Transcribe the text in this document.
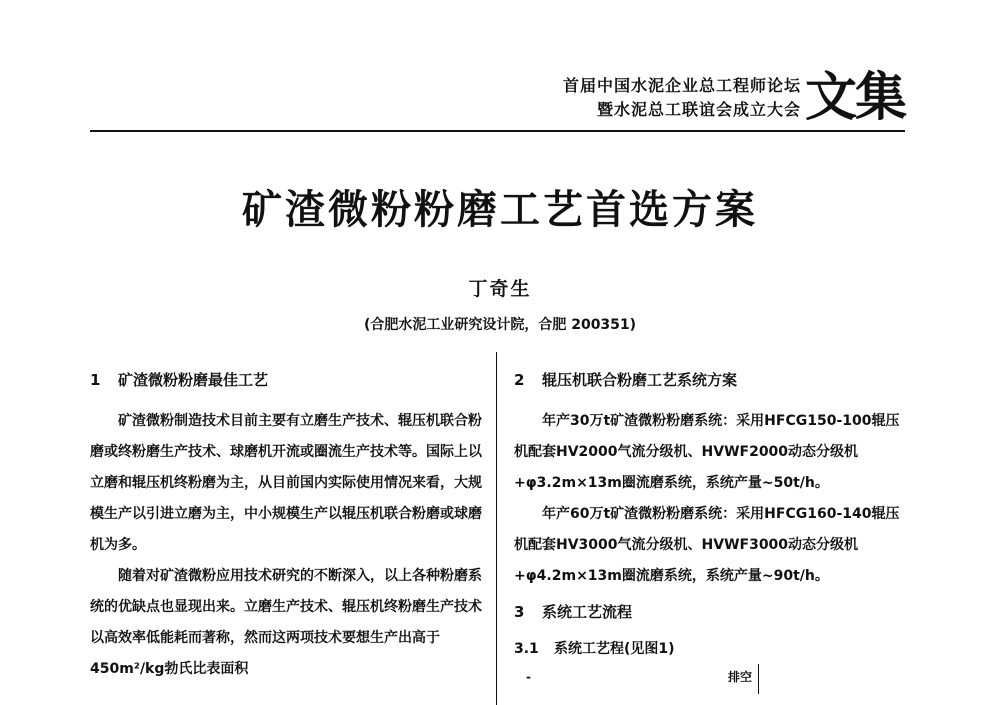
首届中国水泥企业总工程师论坛
暨水泥总工联谊会成立大会 文集
矿渣微粉粉磨工艺首选方案
丁奇生
(合肥水泥工业研究设计院，合肥 200351)
1 矿渣微粉粉磨最佳工艺

矿渣微粉制造技术目前主要有立磨生产技术、辊压机联合粉磨或终粉磨生产技术、球磨机开流或圈流生产技术等。国际上以立磨和辊压机终粉磨为主，从目前国内实际使用情况来看，大规模生产以引进立磨为主，中小规模生产以辊压机联合粉磨或球磨机为多。

随着对矿渣微粉应用技术研究的不断深入，以上各种粉磨系统的优缺点也显现出来。立磨生产技术、辊压机终粉磨生产技术以高效率低能耗而著称，然而这两项技术要想生产出高于450m²/kg勃氏比表面积

2 辊压机联合粉磨工艺系统方案

年产30万t矿渣微粉粉磨系统：采用HFCG150-100辊压机配套HV2000气流分级机、HVWF2000动态分级机+φ3.2m×13m圈流磨系统，系统产量~50t/h。

年产60万t矿渣微粉粉磨系统：采用HFCG160-140辊压机配套HV3000气流分级机、HVWF3000动态分级机+φ4.2m×13m圈流磨系统，系统产量~90t/h。

3 系统工艺流程
3.1 系统工艺程(见图1)
-	排空
